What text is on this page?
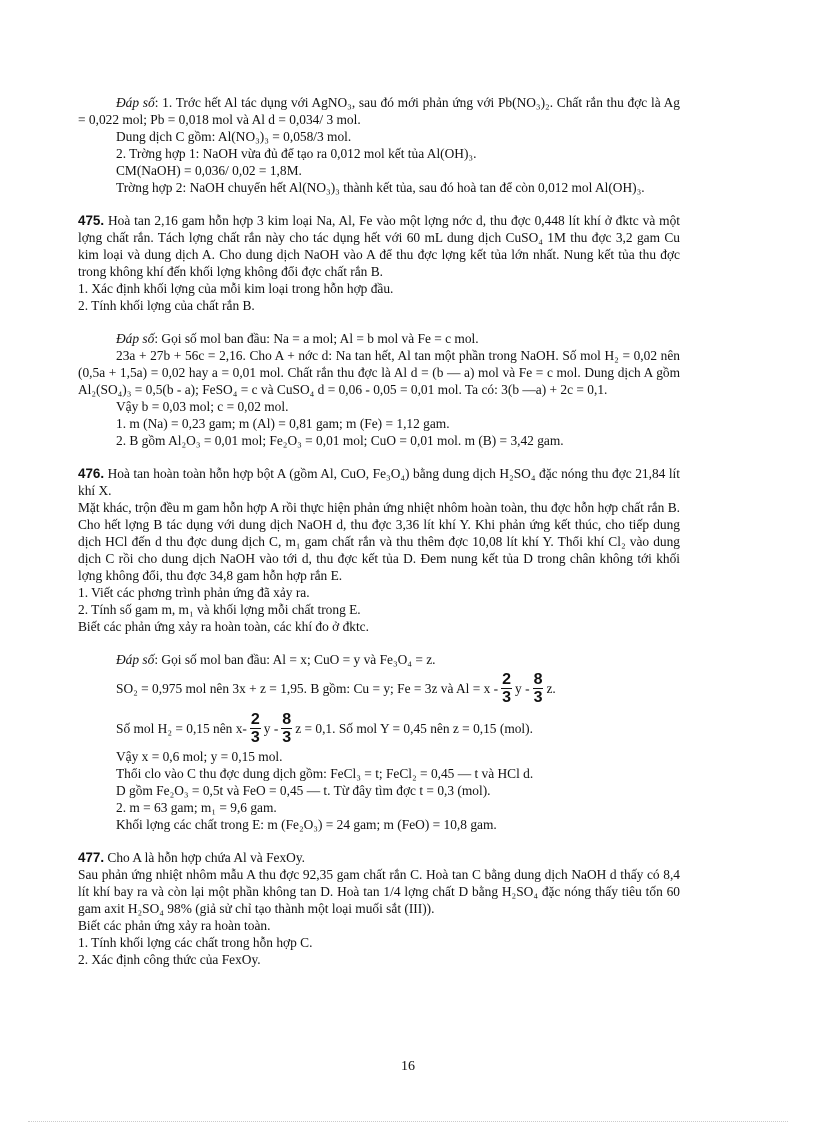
Đáp số: 1. Trớc hết Al tác dụng với AgNO₃, sau đó mới phản ứng với Pb(NO₃)₂. Chất rắn thu đợc là Ag = 0,022 mol; Pb = 0,018 mol và Al d = 0,034/ 3 mol.

Dung dịch C gồm: Al(NO₃)₃ = 0,058/3 mol.

2. Trờng hợp 1: NaOH vừa đủ để tạo ra 0,012 mol kết tủa Al(OH)₃.

CM(NaOH) = 0,036/ 0,02 = 1,8M.

Trờng hợp 2: NaOH chuyển hết Al(NO₃)₃ thành kết tủa, sau đó hoà tan để còn 0,012 mol Al(OH)₃.

475. Hoà tan 2,16 gam hỗn hợp 3 kim loại Na, Al, Fe vào một lợng nớc d, thu đợc 0,448 lít khí ở đktc và một lợng chất rắn. Tách lợng chất rắn này cho tác dụng hết với 60 mL dung dịch CuSO₄ 1M thu đợc 3,2 gam Cu kim loại và dung dịch A. Cho dung dịch NaOH vào A để thu đợc lợng kết tủa lớn nhất. Nung kết tủa thu đợc trong không khí đến khối lợng không đổi đợc chất rắn B.

1. Xác định khối lợng của mỗi kim loại trong hỗn hợp đầu.

2. Tính khối lợng của chất rắn B.

Đáp số: Gọi số mol ban đầu: Na = a mol; Al = b mol và Fe = c mol.

23a + 27b + 56c = 2,16. Cho A + nớc d: Na tan hết, Al tan một phần trong NaOH. Số mol H₂ = 0,02 nên (0,5a + 1,5a) = 0,02 hay a = 0,01 mol. Chất rắn thu đợc là Al d = (b — a) mol và Fe = c mol. Dung dịch A gồm Al₂(SO₄)₃ = 0,5(b - a); FeSO₄ = c và CuSO₄ d = 0,06 - 0,05 = 0,01 mol. Ta có: 3(b —a) + 2c = 0,1.

Vậy b = 0,03 mol; c = 0,02 mol.

1. m (Na) = 0,23 gam; m (Al) = 0,81 gam; m (Fe) = 1,12 gam.

2. B gồm Al₂O₃ = 0,01 mol; Fe₂O₃ = 0,01 mol; CuO = 0,01 mol. m (B) = 3,42 gam.

476. Hoà tan hoàn toàn hỗn hợp bột A (gồm Al, CuO, Fe₃O₄) bằng dung dịch H₂SO₄ đặc nóng thu đợc 21,84 lít khí X.

Mặt khác, trộn đều m gam hỗn hợp A rồi thực hiện phản ứng nhiệt nhôm hoàn toàn, thu đợc hỗn hợp chất rắn B. Cho hết lợng B tác dụng với dung dịch NaOH d, thu đợc 3,36 lít khí Y. Khi phản ứng kết thúc, cho tiếp dung dịch HCl đến d thu đợc dung dịch C, m₁ gam chất rắn và thu thêm đợc 10,08 lít khí Y. Thổi khí Cl₂ vào dung dịch C rồi cho dung dịch NaOH vào tới d, thu đợc kết tủa D. Đem nung kết tủa D trong chân không tới khối lợng không đổi, thu đợc 34,8 gam hỗn hợp rắn E.

1. Viết các phơng trình phản ứng đã xảy ra.

2. Tính số gam m, m₁ và khối lợng mỗi chất trong E.

Biết các phản ứng xảy ra hoàn toàn, các khí đo ở đktc.

Đáp số: Gọi số mol ban đầu: Al = x; CuO = y và Fe₃O₄ = z.

SO₂ = 0,975 mol nên 3x + z = 1,95. B gồm: Cu = y; Fe = 3z và Al = x -
2
3
y -
8
3
z.
Số mol H₂ = 0,15 nên x-
2
3
y -
8
3
z = 0,1. Số mol Y = 0,45 nên z = 0,15 (mol).

Vậy x = 0,6 mol; y = 0,15 mol.

Thổi clo vào C thu đợc dung dịch gồm: FeCl₃ = t; FeCl₂ = 0,45 — t và HCl d.

D gồm Fe₂O₃ = 0,5t và FeO = 0,45 — t. Từ đây tìm đợc t = 0,3 (mol).

2. m = 63 gam; m₁ = 9,6 gam.

Khối lợng các chất trong E: m (Fe₂O₃) = 24 gam; m (FeO) = 10,8 gam.

477. Cho A là hỗn hợp chứa Al và FexOy.

Sau phản ứng nhiệt nhôm mẫu A thu đợc 92,35 gam chất rắn C. Hoà tan C bằng dung dịch NaOH d thấy có 8,4 lít khí bay ra và còn lại một phần không tan D. Hoà tan 1/4 lợng chất D bằng H₂SO₄ đặc nóng thấy tiêu tốn 60 gam axit H₂SO₄ 98% (giả sử chỉ tạo thành một loại muối sắt (III)).

Biết các phản ứng xảy ra hoàn toàn.

1. Tính khối lợng các chất trong hỗn hợp C.

2. Xác định công thức của FexOy.

16
